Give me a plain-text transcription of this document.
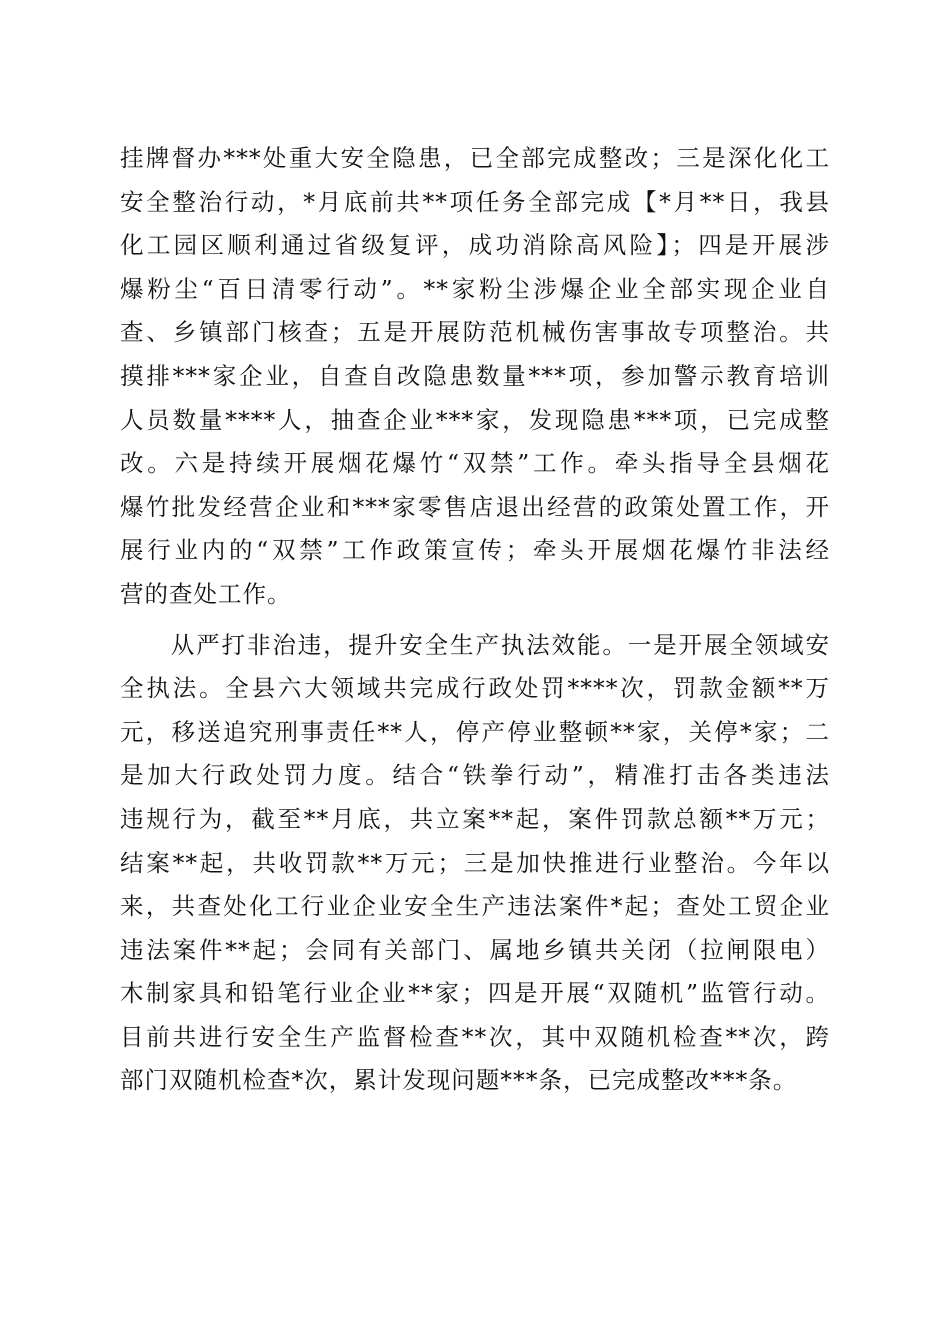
挂牌督办***处重大安全隐患，已全部完成整改；三是深化化工
安全整治行动，*月底前共**项任务全部完成【*月**日，我县
化工园区顺利通过省级复评，成功消除高风险】；四是开展涉
爆粉尘“百日清零行动”。**家粉尘涉爆企业全部实现企业自
查、乡镇部门核查；五是开展防范机械伤害事故专项整治。共
摸排***家企业，自查自改隐患数量***项，参加警示教育培训
人员数量****人，抽查企业***家，发现隐患***项，已完成整
改。六是持续开展烟花爆竹“双禁”工作。牵头指导全县烟花
爆竹批发经营企业和***家零售店退出经营的政策处置工作，开
展行业内的“双禁”工作政策宣传；牵头开展烟花爆竹非法经
营的查处工作。
　　从严打非治违，提升安全生产执法效能。一是开展全领域安
全执法。全县六大领域共完成行政处罚****次，罚款金额**万
元，移送追究刑事责任**人，停产停业整顿**家，关停*家；二
是加大行政处罚力度。结合“铁拳行动”，精准打击各类违法
违规行为，截至**月底，共立案**起，案件罚款总额**万元；
结案**起，共收罚款**万元；三是加快推进行业整治。今年以
来，共查处化工行业企业安全生产违法案件*起；查处工贸企业
违法案件**起；会同有关部门、属地乡镇共关闭（拉闸限电）
木制家具和铅笔行业企业**家；四是开展“双随机”监管行动。
目前共进行安全生产监督检查**次，其中双随机检查**次，跨
部门双随机检查*次，累计发现问题***条，已完成整改***条。
